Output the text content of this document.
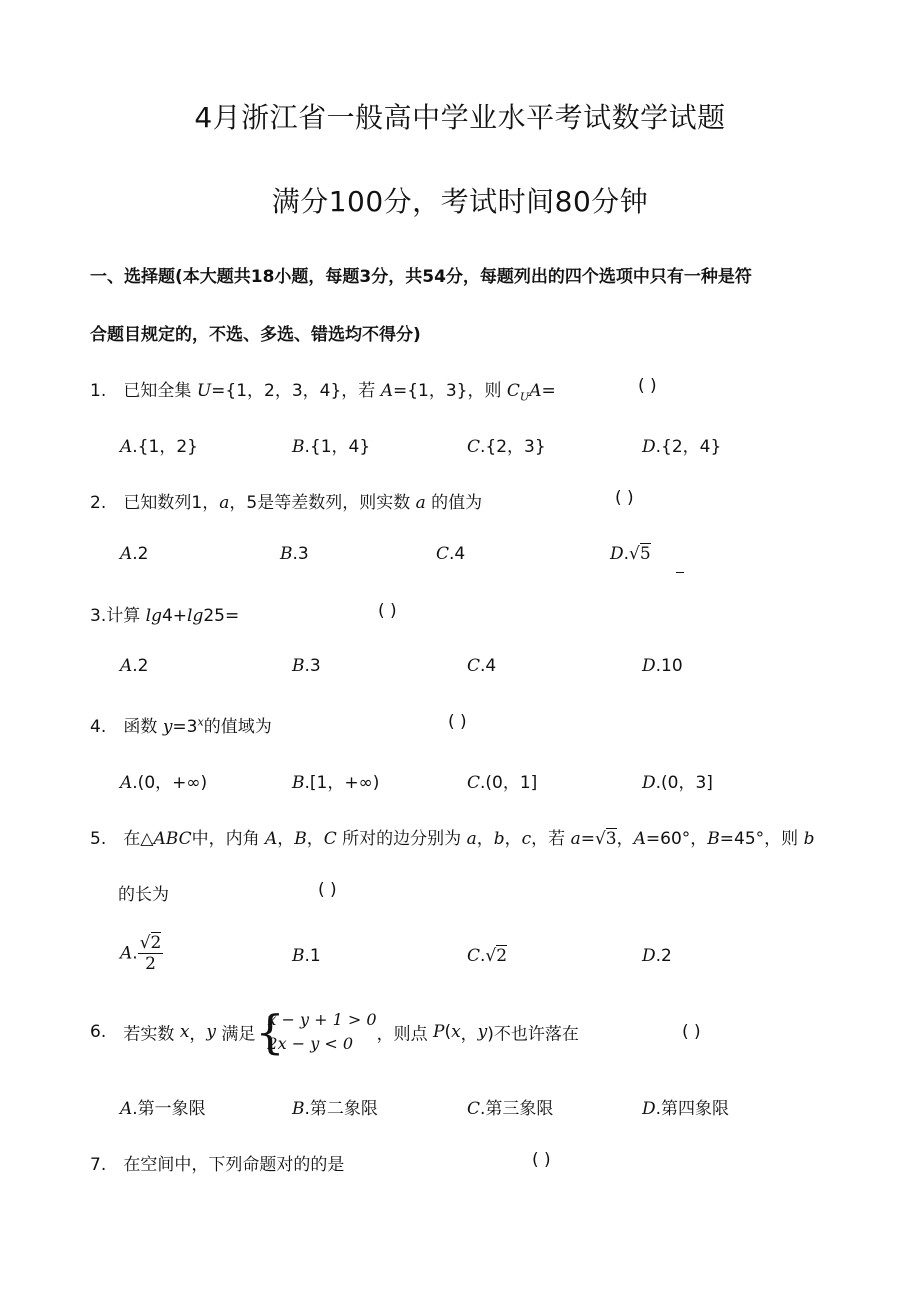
4月浙江省一般高中学业水平考试数学试题
满分100分，考试时间80分钟
一、选择题(本大题共18小题，每题3分，共54分，每题列出的四个选项中只有一种是符
合题目规定的，不选、多选、错选均不得分)
1. 已知全集 U={1，2，3，4}，若 A={1，3}，则 $C_UA=$	( )
A.{1，2}	B.{1，4}	C.{2，3}	D.{2，4}
2. 已知数列1，a，5是等差数列，则实数 a 的值为	( )
A.2	B.3	C.4	D.√5
3.计算 lg4+lg25=	( )
A.2	B.3	C.4	D.10
4. 函数 $y=3^x$的值域为	( )
A.(0，+∞)	B.[1，+∞)	C.(0，1]	D.(0，3]
5. 在△ABC中，内角 A，B，C 所对的边分别为 a，b，c，若 a=√3，A=60°，B=45°，则 b
的长为	( )
A. $\frac{√2}{2}$	B.1	C.√2	D.2
6. 若实数 x，y 满足 {
x − y + 1 > 0
2x − y < 0	，则点 P(x，y)不也许落在	( )
A.第一象限	B.第二象限	C.第三象限	D.第四象限
7. 在空间中，下列命题对的的是	( )
